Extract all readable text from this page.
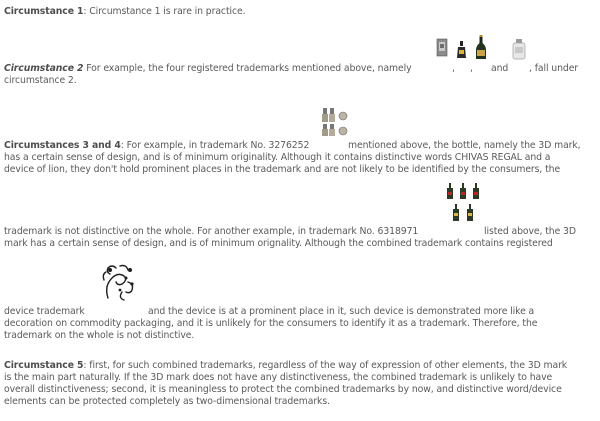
Circumstance 1: Circumstance 1 is rare in practice.
Circumstance 2 For example, the four registered trademarks mentioned above, namely	, , and , fall under
circumstance 2.
Circumstances 3 and 4: For example, in trademark No. 3276252	mentioned above, the bottle, namely the 3D mark,
has a certain sense of design, and is of minimum originality. Although it contains distinctive words CHIVAS REGAL and a
device of lion, they don't hold prominent places in the trademark and are not likely to be identified by the consumers, the
trademark is not distinctive on the whole. For another example, in trademark No. 6318971	listed above, the 3D
mark has a certain sense of design, and is of minimum orignality. Although the combined trademark contains registered
device trademark	and the device is at a prominent place in it, such device is demonstrated more like a
decoration on commodity packaging, and it is unlikely for the consumers to identify it as a trademark. Therefore, the
trademark on the whole is not distinctive.
Circumstance 5: first, for such combined trademarks, regardless of the way of expression of other elements, the 3D mark
is the main part naturally. If the 3D mark does not have any distinctiveness, the combined trademark is unlikely to have
overall distinctiveness; second, it is meaningless to protect the combined trademarks by now, and distinctive word/device
elements can be protected completely as two-dimensional trademarks.
